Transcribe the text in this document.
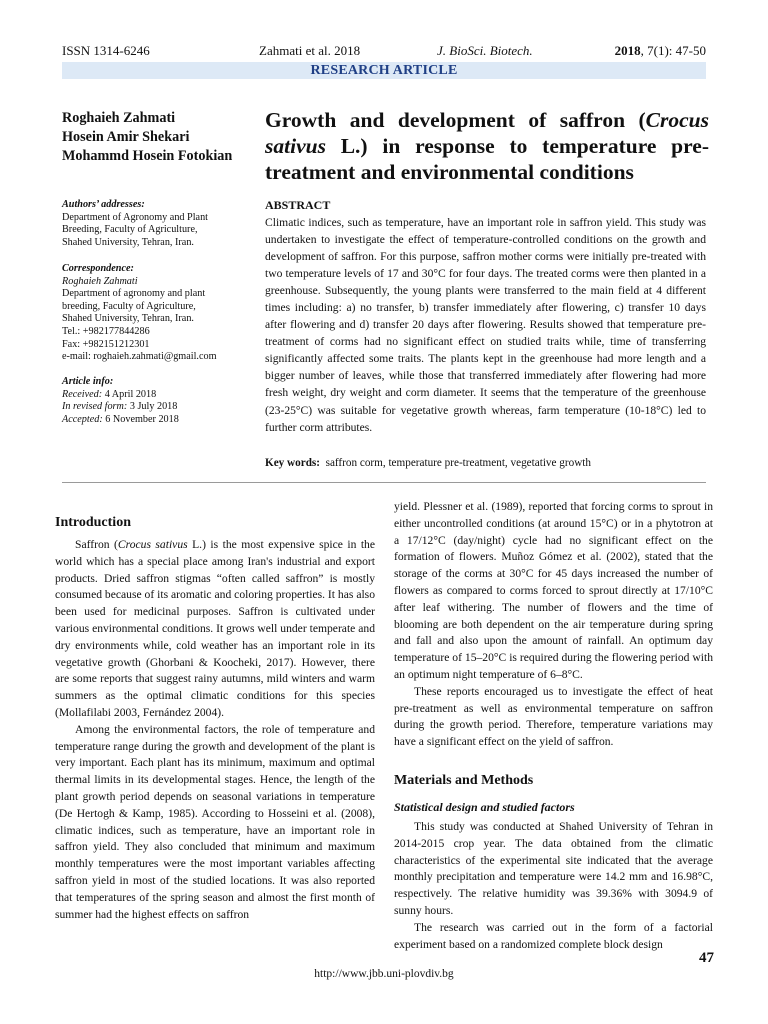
ISSN 1314-6246	Zahmati et al. 2018	J. BioSci. Biotech.	2018, 7(1): 47-50
RESEARCH ARTICLE
Roghaieh Zahmati
Hosein Amir Shekari
Mohammd Hosein Fotokian
Growth and development of saffron (Crocus sativus L.) in response to temperature pre-treatment and environmental conditions
Authors’ addresses:
Department of Agronomy and Plant
Breeding, Faculty of Agriculture,
Shahed University, Tehran, Iran.
Correspondence:
Roghaieh Zahmati
Department of agronomy and plant
breeding, Faculty of Agriculture,
Shahed University, Tehran, Iran.
Tel.: +982177844286
Fax: +982151212301
e-mail: roghaieh.zahmati@gmail.com
Article info:
Received: 4 April 2018
In revised form: 3 July 2018
Accepted: 6 November 2018
ABSTRACT
Climatic indices, such as temperature, have an important role in saffron yield. This study was undertaken to investigate the effect of temperature-controlled conditions on the growth and development of saffron. For this purpose, saffron mother corms were initially pre-treated with two temperature levels of 17 and 30°C for four days. The treated corms were then planted in a greenhouse. Subsequently, the young plants were transferred to the main field at 4 different times including: a) no transfer, b) transfer immediately after flowering, c) transfer 10 days after flowering and d) transfer 20 days after flowering. Results showed that temperature pre-treatment of corms had no significant effect on studied traits while, time of transferring significantly affected some traits. The plants kept in the greenhouse had more length and a bigger number of leaves, while those that transferred immediately after flowering had more fresh weight, dry weight and corm diameter. It seems that the temperature of the greenhouse (23-25°C) was suitable for vegetative growth whereas, farm temperature (10-18°C) led to further corm attributes.
Key words: saffron corm, temperature pre-treatment, vegetative growth
Introduction

Saffron (Crocus sativus L.) is the most expensive spice in the world which has a special place among Iran's industrial and export products. Dried saffron stigmas “often called saffron” is mostly consumed because of its aromatic and coloring properties. It has also been used for medicinal purposes. Saffron is cultivated under various environmental conditions. It grows well under temperate and dry environments while, cold weather has an important role in its vegetative growth (Ghorbani & Koocheki, 2017). However, there are some reports that suggest rainy autumns, mild winters and warm summers as the optimal climatic conditions for this species (Mollafilabi 2003, Fernández 2004).

Among the environmental factors, the role of temperature and temperature range during the growth and development of the plant is very important. Each plant has its minimum, maximum and optimal thermal limits in its developmental stages. Hence, the length of the plant growth period depends on seasonal variations in temperature (De Hertogh & Kamp, 1985). According to Hosseini et al. (2008), climatic indices, such as temperature, have an important role in saffron yield. They also concluded that minimum and maximum monthly temperatures were the most important variables affecting saffron yield in most of the studied locations. It was also reported that temperatures of the spring season and almost the first month of summer had the highest effects on saffron

yield. Plessner et al. (1989), reported that forcing corms to sprout in either uncontrolled conditions (at around 15°C) or in a phytotron at a 17/12°C (day/night) cycle had no significant effect on the formation of flowers. Muñoz Gómez et al. (2002), stated that the storage of the corms at 30°C for 45 days increased the number of flowers as compared to corms forced to sprout directly at 17/10°C after leaf withering. The number of flowers and the time of blooming are both dependent on the air temperature during spring and fall and also upon the amount of rainfall. An optimum day temperature of 15–20°C is required during the flowering period with an optimum night temperature of 6–8°C.

These reports encouraged us to investigate the effect of heat pre-treatment as well as environmental temperature on saffron during the growth period. Therefore, temperature variations may have a significant effect on the yield of saffron.

Materials and Methods
Statistical design and studied factors

This study was conducted at Shahed University of Tehran in 2014-2015 crop year. The data obtained from the climatic characteristics of the experimental site indicated that the average monthly precipitation and temperature were 14.2 mm and 16.98°C, respectively. The relative humidity was 39.36% with 3094.9 of sunny hours.

The research was carried out in the form of a factorial experiment based on a randomized complete block design

47
http://www.jbb.uni-plovdiv.bg
